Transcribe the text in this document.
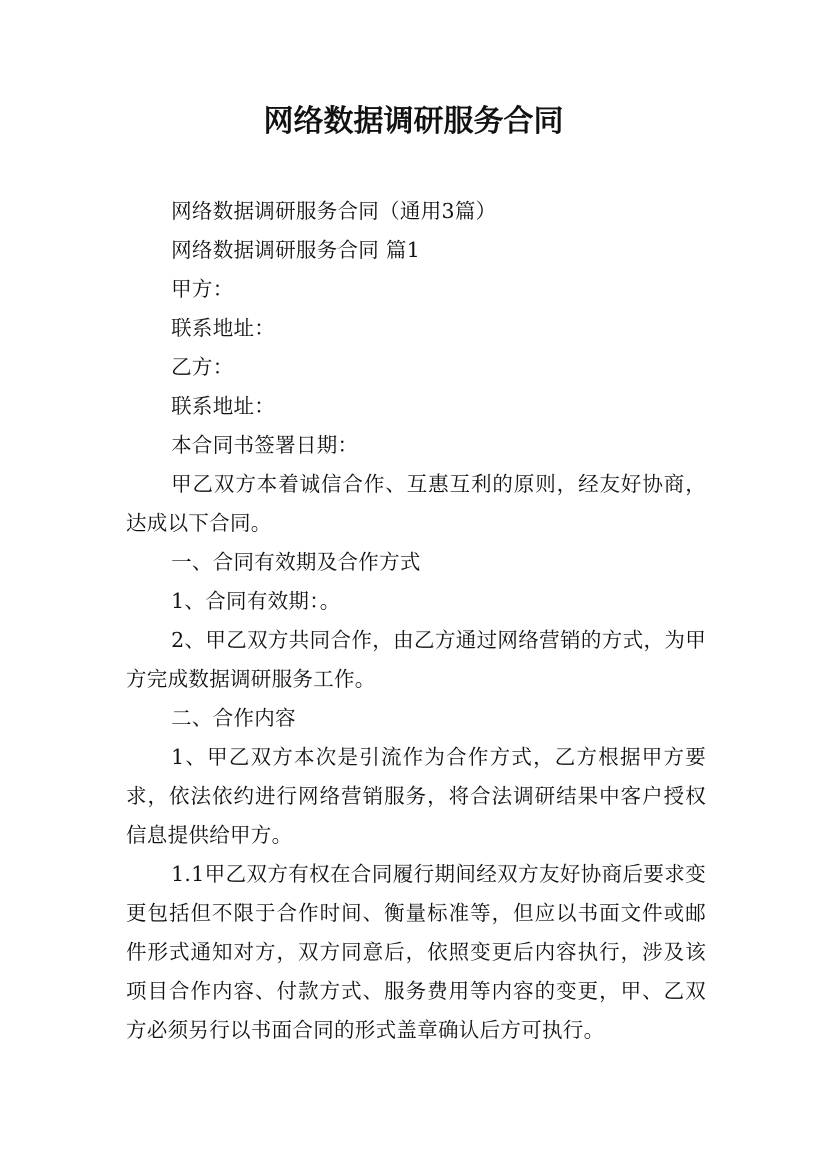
网络数据调研服务合同

网络数据调研服务合同（通用3篇）

网络数据调研服务合同 篇1

甲方：

联系地址：

乙方：

联系地址：

本合同书签署日期：

甲乙双方本着诚信合作、互惠互利的原则，经友好协商，达成以下合同。

一、合同有效期及合作方式

1、合同有效期：。

2、甲乙双方共同合作，由乙方通过网络营销的方式，为甲方完成数据调研服务工作。

二、合作内容

1、甲乙双方本次是引流作为合作方式，乙方根据甲方要求，依法依约进行网络营销服务，将合法调研结果中客户授权信息提供给甲方。

1.1甲乙双方有权在合同履行期间经双方友好协商后要求变更包括但不限于合作时间、衡量标准等，但应以书面文件或邮件形式通知对方，双方同意后，依照变更后内容执行，涉及该项目合作内容、付款方式、服务费用等内容的变更，甲、乙双方必须另行以书面合同的形式盖章确认后方可执行。
